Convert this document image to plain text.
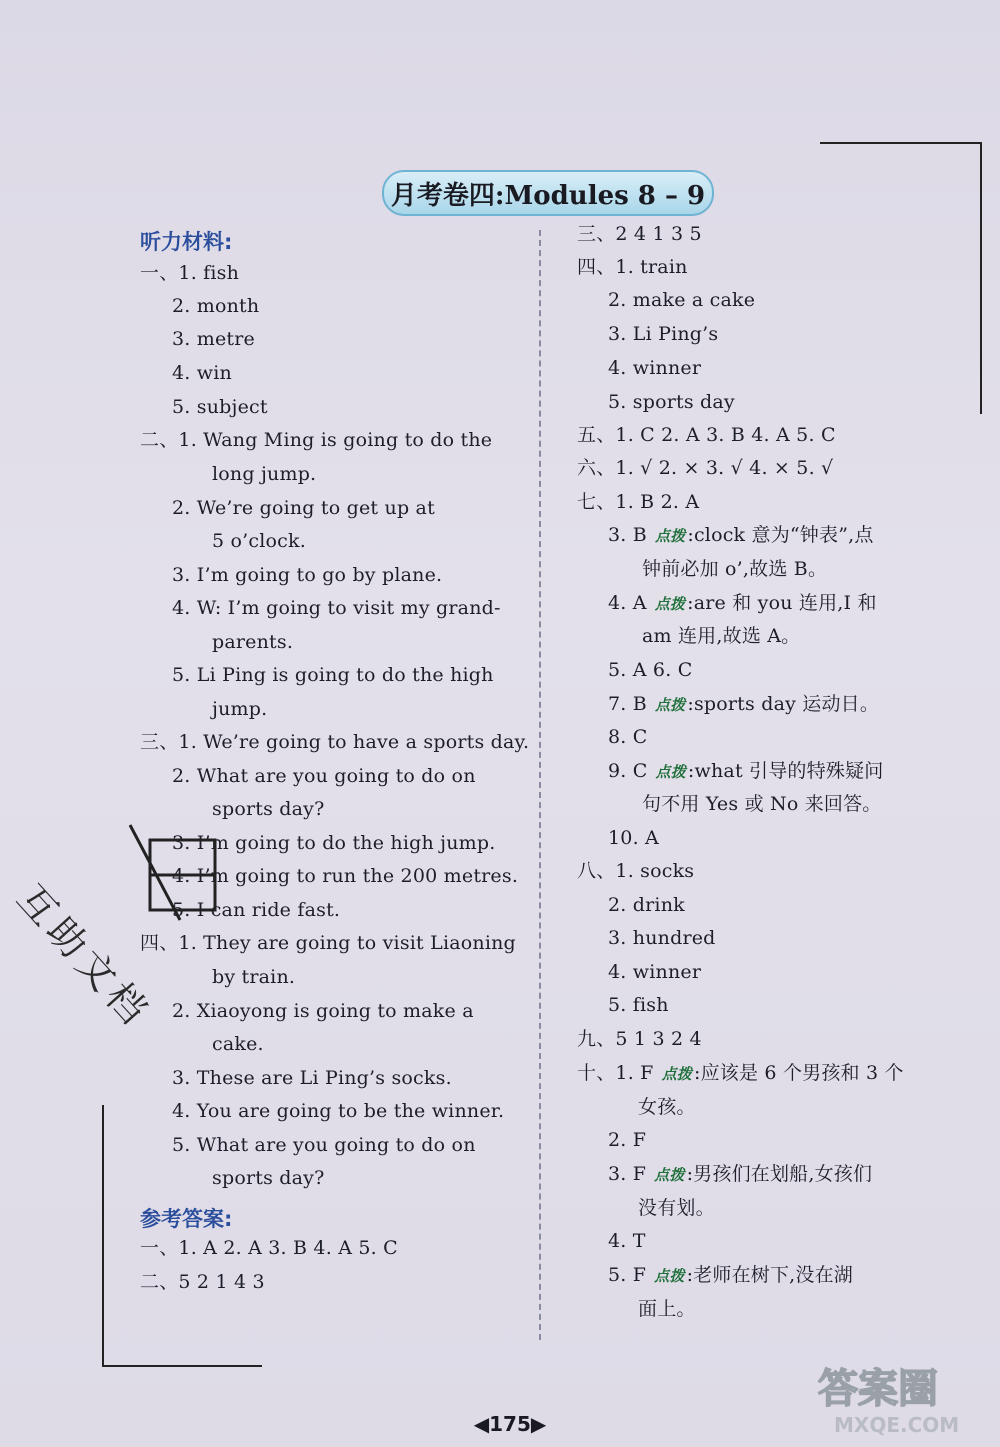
月考卷四:Modules 8 – 9
听力材料:
参考答案:
一、1. fish
2. month
3. metre
4. win
5. subject
二、1. Wang Ming is going to do the
long jump.
2. We’re going to get up at
5 o’clock.
3. I’m going to go by plane.
4. W: I’m going to visit my grand-
parents.
5. Li Ping is going to do the high
jump.
三、1. We’re going to have a sports day.
2. What are you going to do on
sports day?
3. I’m going to do the high jump.
4. I’m going to run the 200 metres.
5. I can ride fast.
四、1. They are going to visit Liaoning
by train.
2. Xiaoyong is going to make a
cake.
3. These are Li Ping’s socks.
4. You are going to be the winner.
5. What are you going to do on
sports day?
一、1. A 2. A 3. B 4. A 5. C
二、5 2 1 4 3
三、2 4 1 3 5
四、1. train
2. make a cake
3. Li Ping’s
4. winner
5. sports day
五、1. C 2. A 3. B 4. A 5. C
六、1. √ 2. × 3. √ 4. × 5. √
七、1. B 2. A
3. B 点拨 :clock 意为“钟表”,点
钟前必加 o’,故选 B。
4. A 点拨 :are 和 you 连用,I 和
am 连用,故选 A。
5. A 6. C
7. B 点拨 :sports day 运动日。
8. C
9. C 点拨 :what 引导的特殊疑问
句不用 Yes 或 No 来回答。
10. A
八、1. socks
2. drink
3. hundred
4. winner
5. fish
九、5 1 3 2 4
十、1. F 点拨 :应该是 6 个男孩和 3 个
女孩。
2. F
3. F 点拨 :男孩们在划船,女孩们
没有划。
4. T
5. F 点拨 :老师在树下,没在湖
面上。
互助文档
◀175▶
答案圈
MXQE.COM
